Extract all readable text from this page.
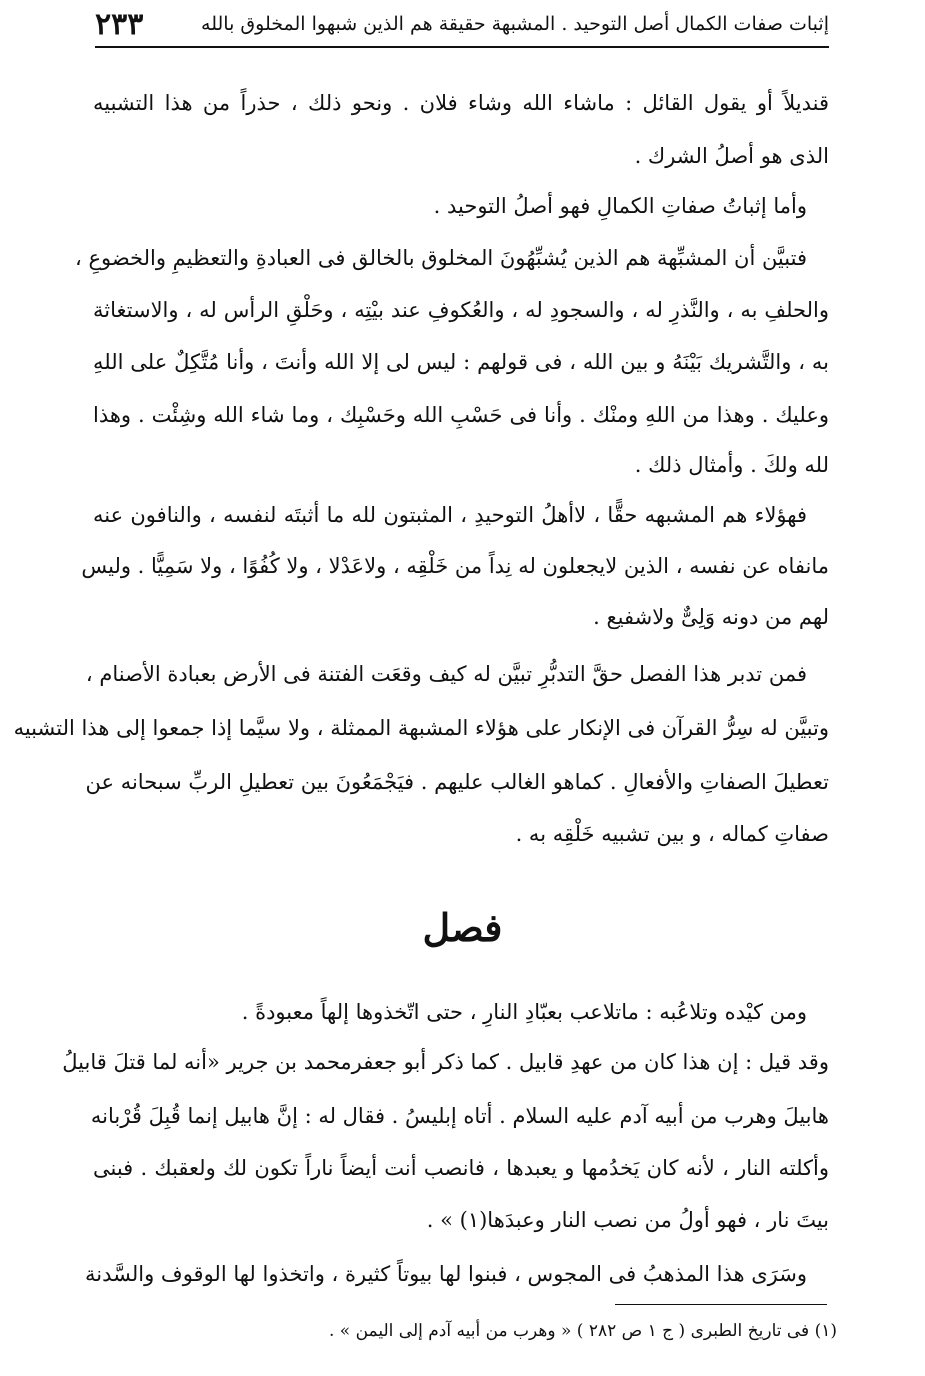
إثبات صفات الكمال أصل التوحيد . المشبهة حقيقة هم الذين شبهوا المخلوق بالله
٢٣٣
قنديلاً أو يقول القائل : ماشاء الله وشاء فلان . ونحو ذلك ، حذراً من هذا التشبيه
الذى هو أصلُ الشرك .
وأما إثباتُ صفاتِ الكمالِ فهو أصلُ التوحيد .
فتبيَّن أن المشبِّهة هم الذين يُشبِّهُونَ المخلوق بالخالق فى العبادةِ والتعظيمِ والخضوعِ ،
والحلفِ به ، والنَّذرِ له ، والسجودِ له ، والعُكوفِ عند بيْتِه ، وحَلْقِ الرأس له ، والاستغاثة
به ، والتَّشريك بَيْنَهُ و بين الله ، فى قولهم : ليس لى إلا الله وأنتَ ، وأنا مُتَّكِلٌ على اللهِ
وعليك . وهذا من اللهِ ومنْك . وأنا فى حَسْبِ الله وحَسْبِك ، وما شاء الله وشِئْت . وهذا
لله ولكَ . وأمثال ذلك .
فهؤلاء هم المشبهه حقًّا ، لاأهلُ التوحيدِ ، المثبتون لله ما أثبتَه لنفسه ، والنافون عنه
مانفاه عن نفسه ، الذين لايجعلون له نِداً من خَلْقِه ، ولاعَدْلا ، ولا كُفُوًا ، ولا سَمِيًّا . وليس
لهم من دونه وَلِىٌّ ولاشفيع .
فمن تدبر هذا الفصل حقَّ التدبُّرِ تبيَّن له كيف وقعَت الفتنة فى الأرض بعبادة الأصنام ،
وتبيَّن له سِرُّ القرآن فى الإنكار على هؤلاء المشبهة الممثلة ، ولا سيَّما إذا جمعوا إلى هذا التشبيه
تعطيلَ الصفاتِ والأفعالِ . كماهو الغالب عليهم . فيَجْمَعُونَ بين تعطيلِ الربِّ سبحانه عن
صفاتِ كماله ، و بين تشبيه خَلْقِه به .
فصل
ومن كيْده وتلاعُبه : ماتلاعب بعبّادِ النارِ ، حتى اتّخذوها إلهاً معبودةً .
وقد قيل : إن هذا كان من عهدِ قابيل . كما ذكر أبو جعفرمحمد بن جرير «أنه لما قتلَ قابيلُ
هابيلَ وهرب من أبيه آدم عليه السلام . أتاه إبليسُ . فقال له : إنَّ هابيل إنما قُبِلَ قُرْبانه
وأكلته النار ، لأنه كان يَخدُمها و يعبدها ، فانصب أنت أيضاً ناراً تكون لك ولعقبك . فبنى
بيتَ نار ، فهو أولُ من نصب النار وعبدَها(١) » .
وسَرَى هذا المذهبُ فى المجوس ، فبنوا لها بيوتاً كثيرة ، واتخذوا لها الوقوف والسَّدنة
(١) فى تاريخ الطبرى ( ج ١ ص ٢٨٢ ) « وهرب من أبيه آدم إلى اليمن » .
